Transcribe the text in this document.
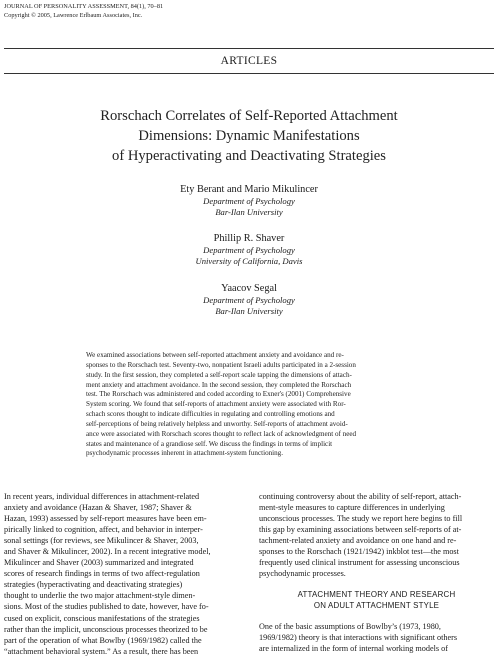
JOURNAL OF PERSONALITY ASSESSMENT, 84(1), 70–81
Copyright © 2005, Lawrence Erlbaum Associates, Inc.
ARTICLES
Rorschach Correlates of Self-Reported Attachment
Dimensions: Dynamic Manifestations
of Hyperactivating and Deactivating Strategies
Ety Berant and Mario Mikulincer
Department of Psychology
Bar-Ilan University
Phillip R. Shaver
Department of Psychology
University of California, Davis
Yaacov Segal
Department of Psychology
Bar-Ilan University
We examined associations between self-reported attachment anxiety and avoidance and re-
sponses to the Rorschach test. Seventy-two, nonpatient Israeli adults participated in a 2-session
study. In the first session, they completed a self-report scale tapping the dimensions of attach-
ment anxiety and attachment avoidance. In the second session, they completed the Rorschach
test. The Rorschach was administered and coded according to Exner's (2001) Comprehensive
System scoring. We found that self-reports of attachment anxiety were associated with Ror-
schach scores thought to indicate difficulties in regulating and controlling emotions and
self-perceptions of being relatively helpless and unworthy. Self-reports of attachment avoid-
ance were associated with Rorschach scores thought to reflect lack of acknowledgment of need
states and maintenance of a grandiose self. We discuss the findings in terms of implicit
psychodynamic processes inherent in attachment-system functioning.
In recent years, individual differences in attachment-related
anxiety and avoidance (Hazan & Shaver, 1987; Shaver &
Hazan, 1993) assessed by self-report measures have been em-
pirically linked to cognition, affect, and behavior in interper-
sonal settings (for reviews, see Mikulincer & Shaver, 2003,
and Shaver & Mikulincer, 2002). In a recent integrative model,
Mikulincer and Shaver (2003) summarized and integrated
scores of research findings in terms of two affect-regulation
strategies (hyperactivating and deactivating strategies)
thought to underlie the two major attachment-style dimen-
sions. Most of the studies published to date, however, have fo-
cused on explicit, conscious manifestations of the strategies
rather than the implicit, unconscious processes theorized to be
part of the operation of what Bowlby (1969/1982) called the
“attachment behavioral system.” As a result, there has been
continuing controversy about the ability of self-report, attach-
ment-style measures to capture differences in underlying
unconscious processes. The study we report here begins to fill
this gap by examining associations between self-reports of at-
tachment-related anxiety and avoidance on one hand and re-
sponses to the Rorschach (1921/1942) inkblot test—the most
frequently used clinical instrument for assessing unconscious
psychodynamic processes.
ATTACHMENT THEORY AND RESEARCH
ON ADULT ATTACHMENT STYLE
One of the basic assumptions of Bowlby’s (1973, 1980,
1969/1982) theory is that interactions with significant others
are internalized in the form of internal working models of
